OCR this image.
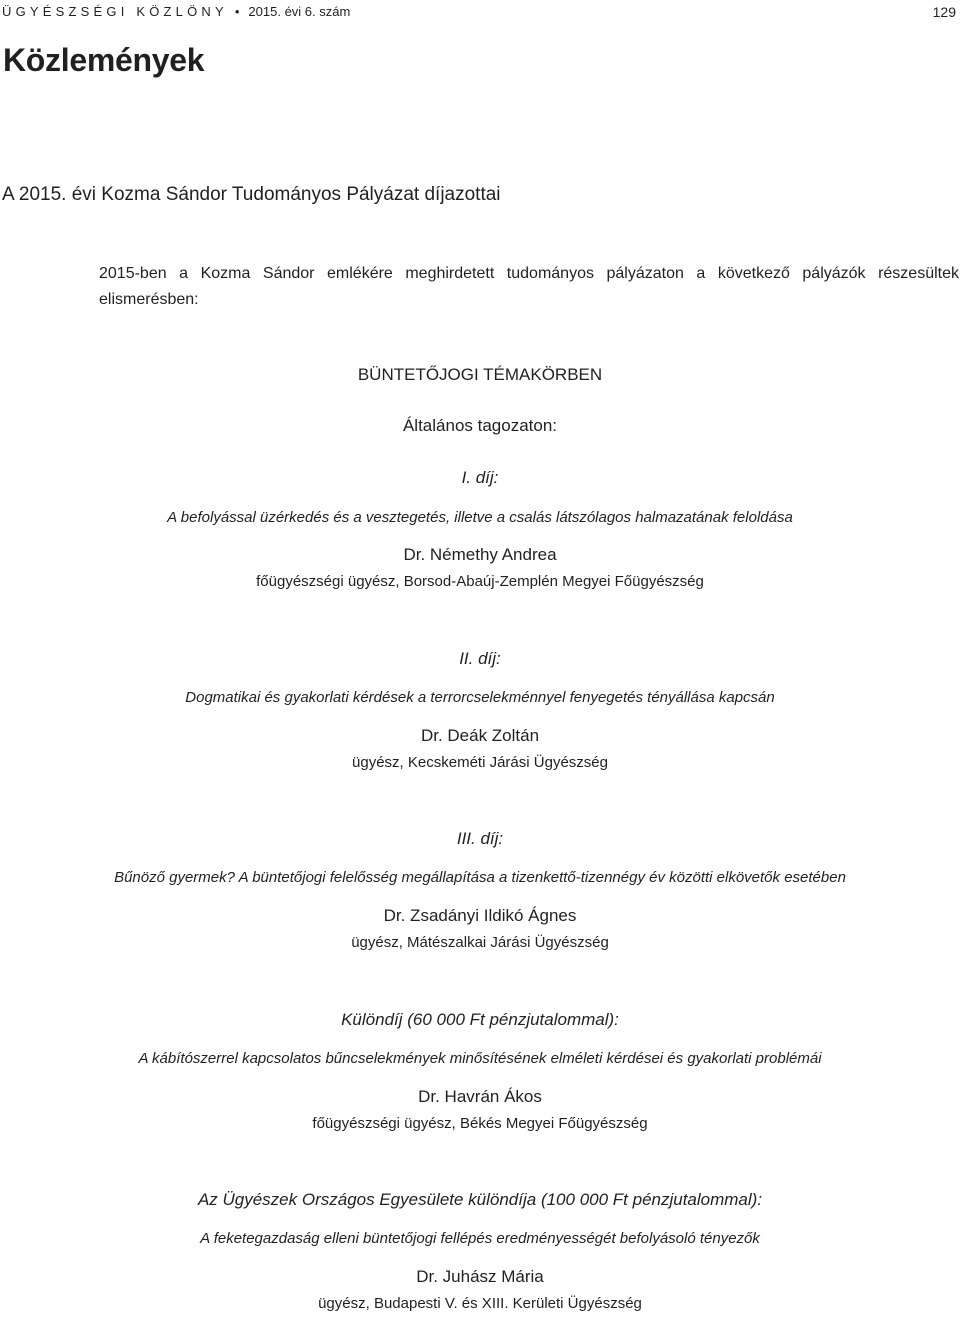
ÜGYÉSZSÉGI KÖZLÖNY • 2015. évi 6. szám	129
Közlemények
A 2015. évi Kozma Sándor Tudományos Pályázat díjazottai

2015-ben a Kozma Sándor emlékére meghirdetett tudományos pályázaton a következő pályázók részesültek elismerésben:

BÜNTETŐJOGI TÉMAKÖRBEN

Általános tagozaton:

I. díj:

A befolyással üzérkedés és a vesztegetés, illetve a csalás látszólagos halmazatának feloldása

Dr. Némethy Andrea

főügyészségi ügyész, Borsod-Abaúj-Zemplén Megyei Főügyészség

II. díj:

Dogmatikai és gyakorlati kérdések a terrorcselekménnyel fenyegetés tényállása kapcsán

Dr. Deák Zoltán

ügyész, Kecskeméti Járási Ügyészség

III. díj:

Bűnöző gyermek? A büntetőjogi felelősség megállapítása a tizenkettő-tizennégy év közötti elkövetők esetében

Dr. Zsadányi Ildikó Ágnes

ügyész, Mátészalkai Járási Ügyészség

Különdíj (60 000 Ft pénzjutalommal):

A kábítószerrel kapcsolatos bűncselekmények minősítésének elméleti kérdései és gyakorlati problémái

Dr. Havrán Ákos

főügyészségi ügyész, Békés Megyei Főügyészség

Az Ügyészek Országos Egyesülete különdíja (100 000 Ft pénzjutalommal):

A feketegazdaság elleni büntetőjogi fellépés eredményességét befolyásoló tényezők

Dr. Juhász Mária

ügyész, Budapesti V. és XIII. Kerületi Ügyészség
